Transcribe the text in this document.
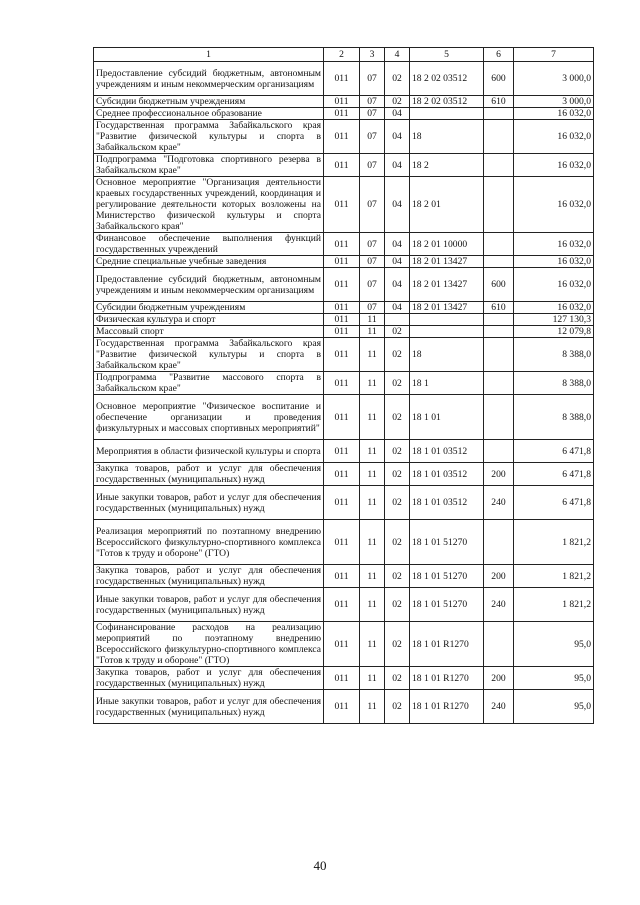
1	2	3	4	5	6	7
Предоставление субсидий бюджетным, автономным учреждениям и иным некоммерческим организациям	011	07	02	18 2 02 03512	600	3 000,0
Субсидии бюджетным учреждениям	011	07	02	18 2 02 03512	610	3 000,0
Среднее профессиональное образование	011	07	04			16 032,0
Государственная программа Забайкальского края "Развитие физической культуры и спорта в Забайкальском крае"	011	07	04	18		16 032,0
Подпрограмма "Подготовка спортивного резерва в Забайкальском крае"	011	07	04	18 2		16 032,0
Основное мероприятие "Организация деятельности краевых государственных учреждений, координация и регулирование деятельности которых возложены на Министерство физической культуры и спорта Забайкальского края"	011	07	04	18 2 01		16 032,0
Финансовое обеспечение выполнения функций государственных учреждений	011	07	04	18 2 01 10000		16 032,0
Средние специальные учебные заведения	011	07	04	18 2 01 13427		16 032,0
Предоставление субсидий бюджетным, автономным учреждениям и иным некоммерческим организациям	011	07	04	18 2 01 13427	600	16 032,0
Субсидии бюджетным учреждениям	011	07	04	18 2 01 13427	610	16 032,0
Физическая культура и спорт	011	11				127 130,3
Массовый спорт	011	11	02			12 079,8
Государственная программа Забайкальского края "Развитие физической культуры и спорта в Забайкальском крае"	011	11	02	18		8 388,0
Подпрограмма "Развитие массового спорта в Забайкальском крае"	011	11	02	18 1		8 388,0
Основное мероприятие "Физическое воспитание и обеспечение организации и проведения физкультурных и массовых спортивных мероприятий"	011	11	02	18 1 01		8 388,0
Мероприятия в области физической культуры и спорта	011	11	02	18 1 01 03512		6 471,8
Закупка товаров, работ и услуг для обеспечения государственных (муниципальных) нужд	011	11	02	18 1 01 03512	200	6 471,8
Иные закупки товаров, работ и услуг для обеспечения государственных (муниципальных) нужд	011	11	02	18 1 01 03512	240	6 471,8
Реализация мероприятий по поэтапному внедрению Всероссийского физкультурно-спортивного комплекса "Готов к труду и обороне" (ГТО)	011	11	02	18 1 01 51270		1 821,2
Закупка товаров, работ и услуг для обеспечения государственных (муниципальных) нужд	011	11	02	18 1 01 51270	200	1 821,2
Иные закупки товаров, работ и услуг для обеспечения государственных (муниципальных) нужд	011	11	02	18 1 01 51270	240	1 821,2
Софинансирование расходов на реализацию мероприятий по поэтапному внедрению Всероссийского физкультурно-спортивного комплекса "Готов к труду и обороне" (ГТО)	011	11	02	18 1 01 R1270		95,0
Закупка товаров, работ и услуг для обеспечения государственных (муниципальных) нужд	011	11	02	18 1 01 R1270	200	95,0
Иные закупки товаров, работ и услуг для обеспечения государственных (муниципальных) нужд	011	11	02	18 1 01 R1270	240	95,0
40
